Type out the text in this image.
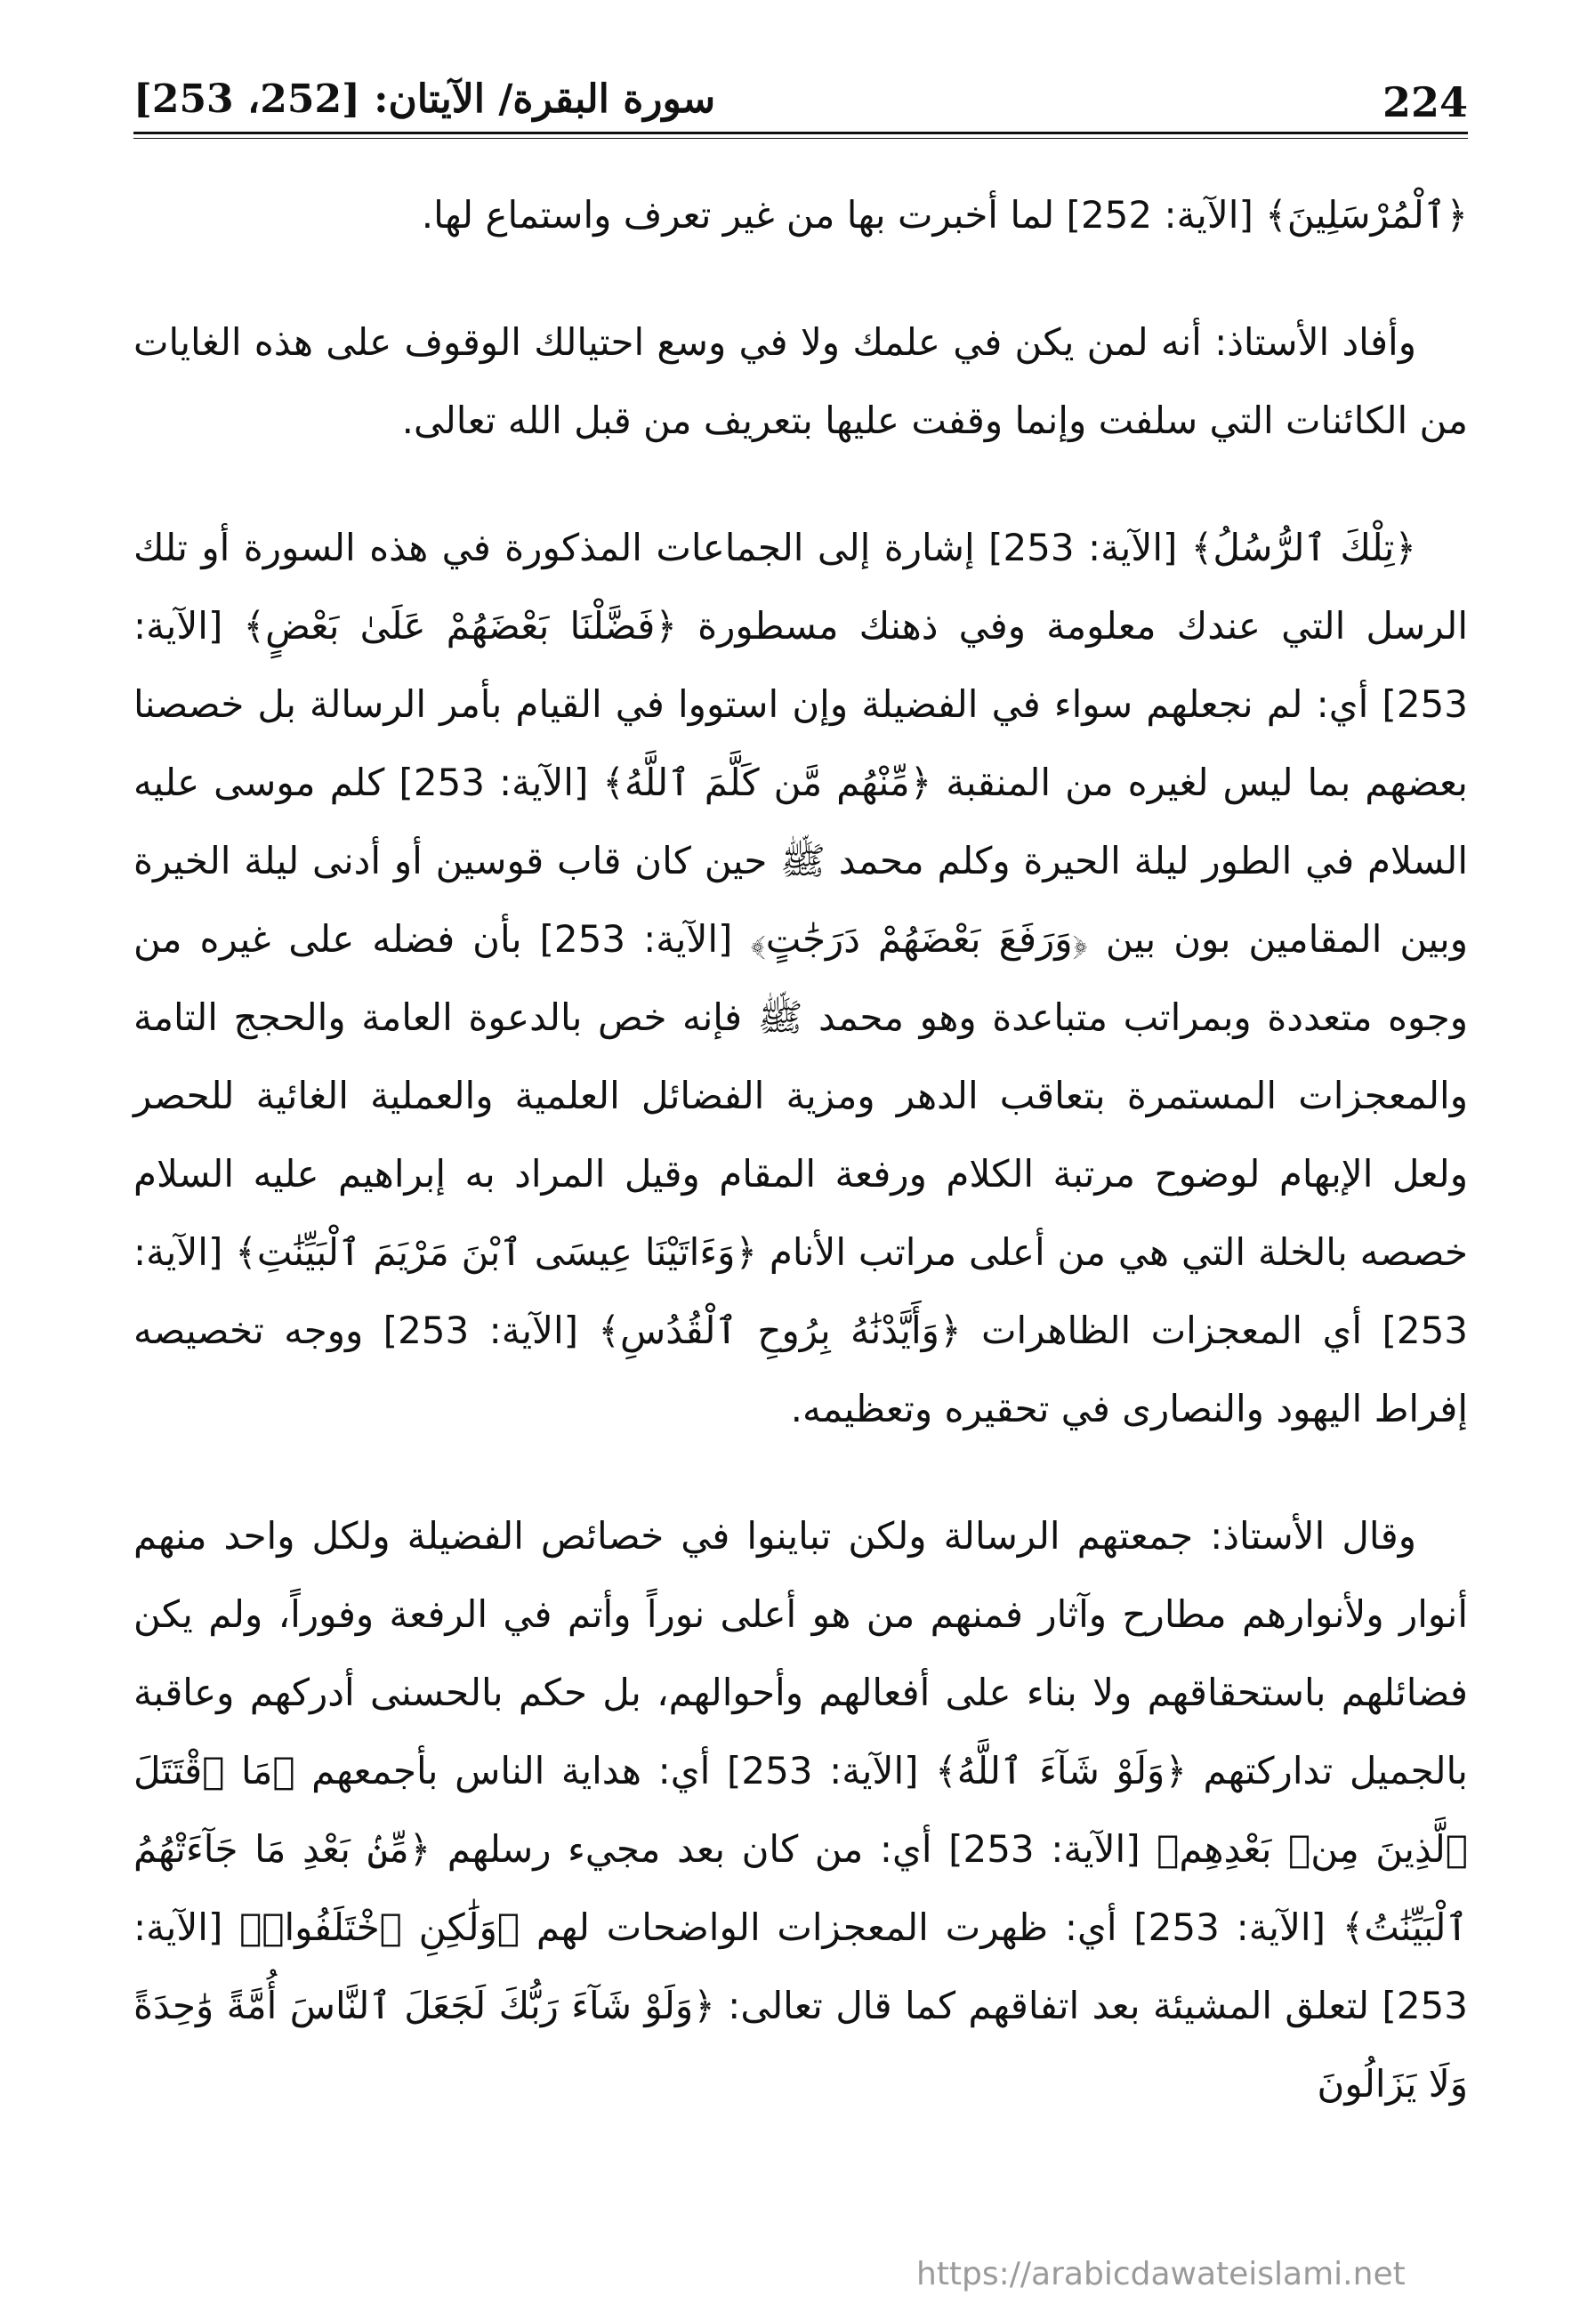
224
سورة البقرة/ الآيتان: [252، 253]

﴿ٱلْمُرْسَلِينَ﴾ [الآية: 252] لما أخبرت بها من غير تعرف واستماع لها.

وأفاد الأستاذ: أنه لمن يكن في علمك ولا في وسع احتيالك الوقوف على هذه الغايات من الكائنات التي سلفت وإنما وقفت عليها بتعريف من قبل الله تعالى.

﴿تِلْكَ ٱلرُّسُلُ﴾ [الآية: 253] إشارة إلى الجماعات المذكورة في هذه السورة أو تلك الرسل التي عندك معلومة وفي ذهنك مسطورة ﴿فَضَّلْنَا بَعْضَهُمْ عَلَىٰ بَعْضٍ﴾ [الآية: 253] أي: لم نجعلهم سواء في الفضيلة وإن استووا في القيام بأمر الرسالة بل خصصنا بعضهم بما ليس لغيره من المنقبة ﴿مِّنْهُم مَّن كَلَّمَ ٱللَّهُ﴾ [الآية: 253] كلم موسى عليه السلام في الطور ليلة الحيرة وكلم محمد ﷺ حين كان قاب قوسين أو أدنى ليلة الخيرة وبين المقامين بون بين ﴿وَرَفَعَ بَعْضَهُمْ دَرَجَٰتٍ﴾ [الآية: 253] بأن فضله على غيره من وجوه متعددة وبمراتب متباعدة وهو محمد ﷺ فإنه خص بالدعوة العامة والحجج التامة والمعجزات المستمرة بتعاقب الدهر ومزية الفضائل العلمية والعملية الغائية للحصر ولعل الإبهام لوضوح مرتبة الكلام ورفعة المقام وقيل المراد به إبراهيم عليه السلام خصصه بالخلة التي هي من أعلى مراتب الأنام ﴿وَءَاتَيْنَا عِيسَى ٱبْنَ مَرْيَمَ ٱلْبَيِّنَٰتِ﴾ [الآية: 253] أي المعجزات الظاهرات ﴿وَأَيَّدْنَٰهُ بِرُوحِ ٱلْقُدُسِ﴾ [الآية: 253] ووجه تخصيصه إفراط اليهود والنصارى في تحقيره وتعظيمه.

وقال الأستاذ: جمعتهم الرسالة ولكن تباينوا في خصائص الفضيلة ولكل واحد منهم أنوار ولأنوارهم مطارح وآثار فمنهم من هو أعلى نوراً وأتم في الرفعة وفوراً، ولم يكن فضائلهم باستحقاقهم ولا بناء على أفعالهم وأحوالهم، بل حكم بالحسنى أدركهم وعاقبة بالجميل تداركتهم ﴿وَلَوْ شَآءَ ٱللَّهُ﴾ [الآية: 253] أي: هداية الناس بأجمعهم ﴿مَا ٱقْتَتَلَ ٱلَّذِينَ مِنۢ بَعْدِهِم﴾ [الآية: 253] أي: من كان بعد مجيء رسلهم ﴿مِّنۢ بَعْدِ مَا جَآءَتْهُمُ ٱلْبَيِّنَٰتُ﴾ [الآية: 253] أي: ظهرت المعجزات الواضحات لهم ﴿وَلَٰكِنِ ٱخْتَلَفُوا۟﴾ [الآية: 253] لتعلق المشيئة بعد اتفاقهم كما قال تعالى: ﴿وَلَوْ شَآءَ رَبُّكَ لَجَعَلَ ٱلنَّاسَ أُمَّةً وَٰحِدَةً وَلَا يَزَالُونَ

https://arabicdawateislami.net
